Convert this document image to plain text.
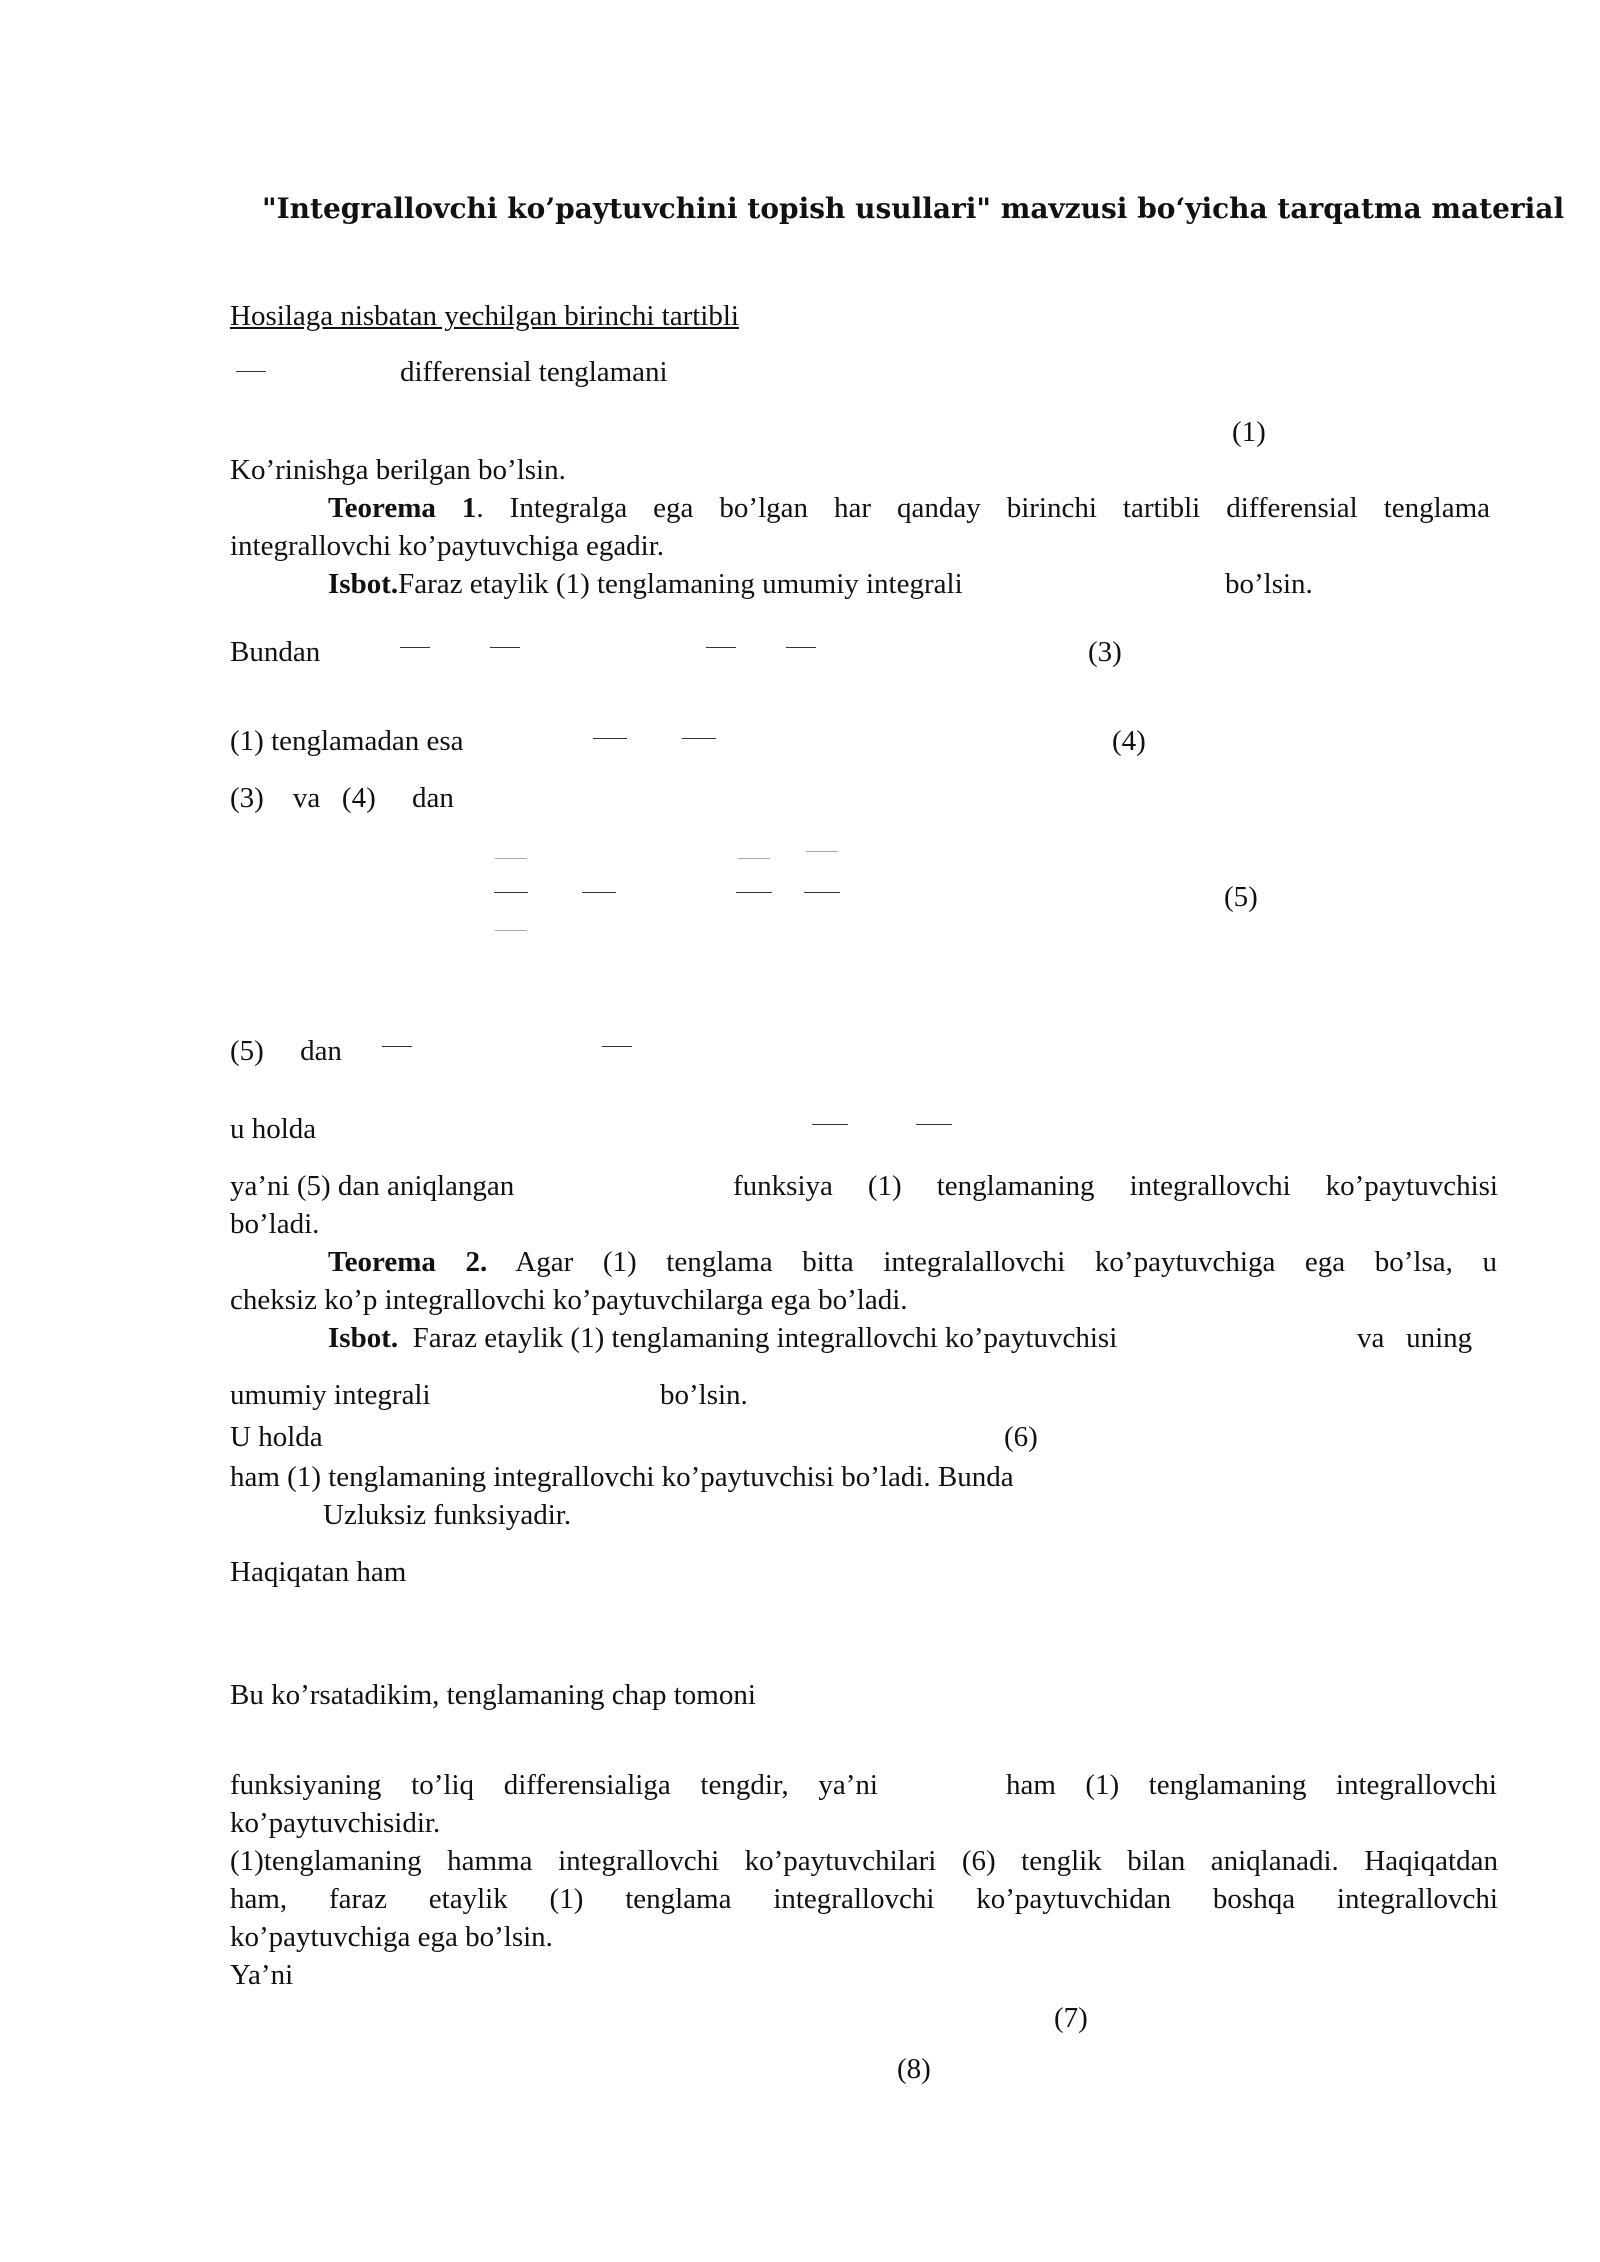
"Integrallovchi ko’paytuvchini topish usullari" mavzusi bo‘yicha tarqatma material
Hosilaga nisbatan yechilgan birinchi tartibli
differensial tenglamani
(1)
Ko’rinishga berilgan bo’lsin.
Teorema 1. Integralga ega bo’lgan har qanday birinchi tartibli differensial tenglama
integrallovchi ko’paytuvchiga egadir.
Isbot.Faraz etaylik (1) tenglamaning umumiy integrali	bo’lsin.
Bundan	(3)
(1) tenglamadan esa	(4)
(3)    va   (4)     dan
(5)
(5)     dan
u holda
ya’ni (5) dan aniqlangan	funksiya (1) tenglamaning integrallovchi ko’paytuvchisi
bo’ladi.
Teorema 2. Agar (1) tenglama bitta integralallovchi ko’paytuvchiga ega bo’lsa, u
cheksiz ko’p integrallovchi ko’paytuvchilarga ega bo’ladi.
Isbot.  Faraz etaylik (1) tenglamaning integrallovchi ko’paytuvchisi	va   uning
umumiy integrali	bo’lsin.
U holda	(6)
ham (1) tenglamaning integrallovchi ko’paytuvchisi bo’ladi. Bunda
Uzluksiz funksiyadir.
Haqiqatan ham
Bu ko’rsatadikim, tenglamaning chap tomoni
funksiyaning to’liq differensialiga tengdir, ya’ni	ham (1) tenglamaning integrallovchi
ko’paytuvchisidir.
(1)tenglamaning hamma integrallovchi ko’paytuvchilari (6) tenglik bilan aniqlanadi. Haqiqatdan
ham, faraz etaylik (1) tenglama integrallovchi ko’paytuvchidan boshqa integrallovchi
ko’paytuvchiga ega bo’lsin.
Ya’ni
(7)
(8)
